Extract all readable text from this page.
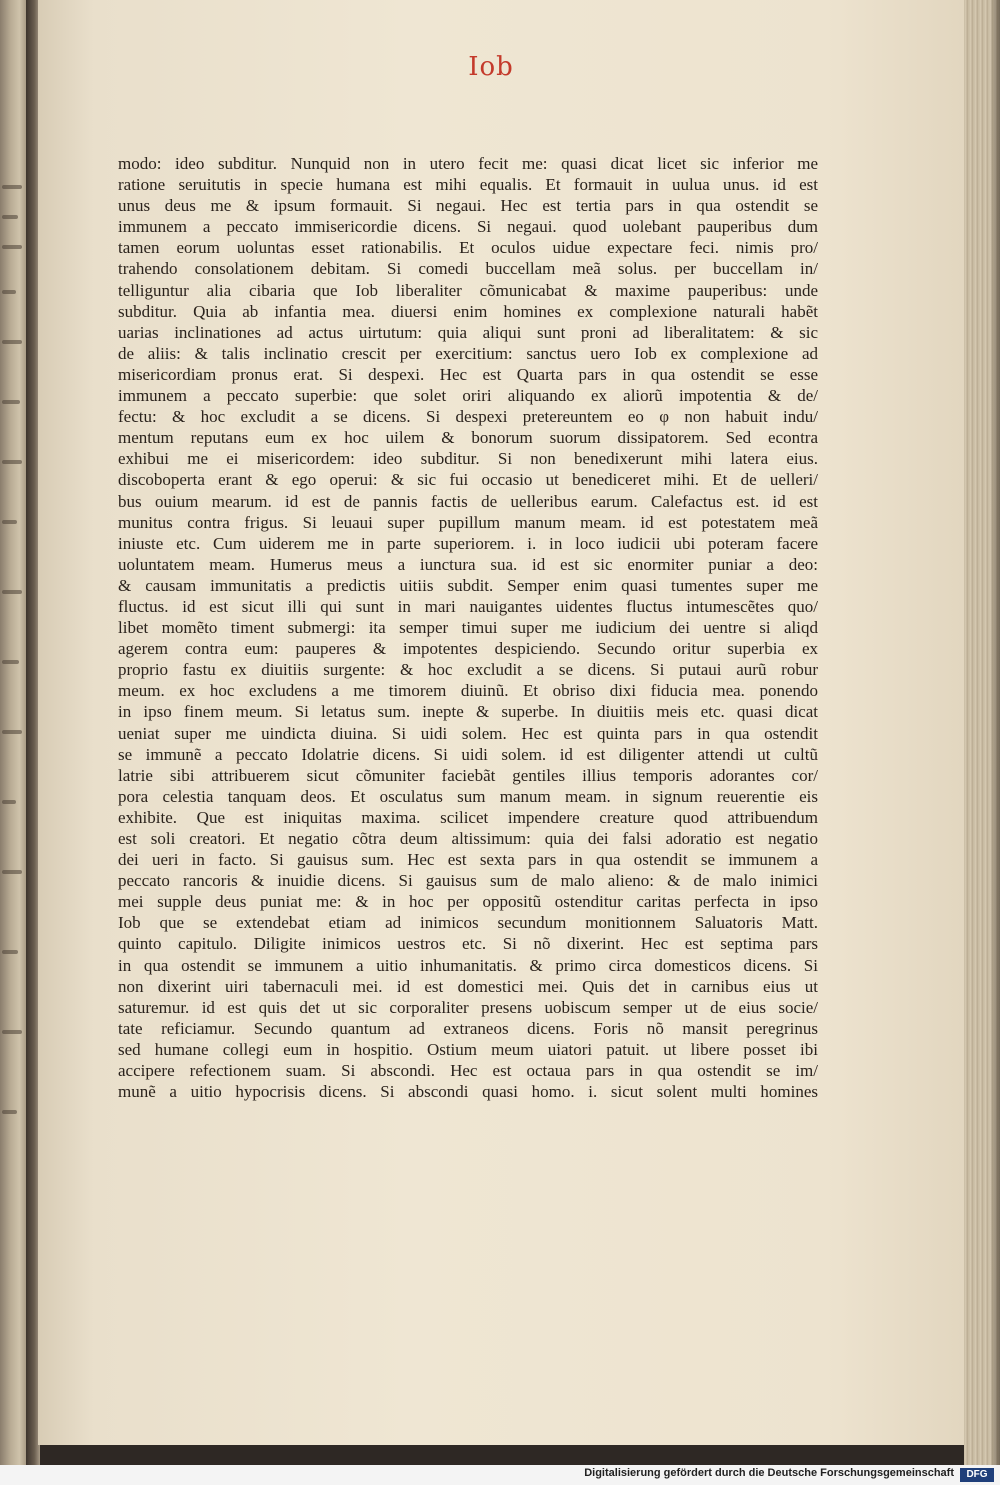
Iob
modo: ideo subditur. Nunquid non in utero fecit me: quasi dicat licet sic inferior me
ratione seruitutis in specie humana est mihi equalis. Et formauit in uulua unus. id est
unus deus me & ipsum formauit. Si negaui. Hec est tertia pars in qua ostendit se
immunem a peccato immisericordie dicens. Si negaui. quod uolebant pauperibus dum
tamen eorum uoluntas esset rationabilis. Et oculos uidue expectare feci. nimis pro/
trahendo consolationem debitam. Si comedi buccellam meã solus. per buccellam in/
telliguntur alia cibaria que Iob liberaliter cõmunicabat & maxime pauperibus: unde
subditur. Quia ab infantia mea. diuersi enim homines ex complexione naturali habẽt
uarias inclinationes ad actus uirtutum: quia aliqui sunt proni ad liberalitatem: & sic
de aliis: & talis inclinatio crescit per exercitium: sanctus uero Iob ex complexione ad
misericordiam pronus erat. Si despexi. Hec est Quarta pars in qua ostendit se esse
immunem a peccato superbie: que solet oriri aliquando ex aliorũ impotentia & de/
fectu: & hoc excludit a se dicens. Si despexi pretereuntem eo φ non habuit indu/
mentum reputans eum ex hoc uilem & bonorum suorum dissipatorem. Sed econtra
exhibui me ei misericordem: ideo subditur. Si non benedixerunt mihi latera eius.
discoboperta erant & ego operui: & sic fui occasio ut benediceret mihi. Et de uelleri/
bus ouium mearum. id est de pannis factis de uelleribus earum. Calefactus est. id est
munitus contra frigus. Si leuaui super pupillum manum meam. id est potestatem meã
iniuste etc. Cum uiderem me in parte superiorem. i. in loco iudicii ubi poteram facere
uoluntatem meam. Humerus meus a iunctura sua. id est sic enormiter puniar a deo:
& causam immunitatis a predictis uitiis subdit. Semper enim quasi tumentes super me
fluctus. id est sicut illi qui sunt in mari nauigantes uidentes fluctus intumescẽtes quo/
libet momẽto timent submergi: ita semper timui super me iudicium dei uentre si aliqd
agerem contra eum: pauperes & impotentes despiciendo. Secundo oritur superbia ex
proprio fastu ex diuitiis surgente: & hoc excludit a se dicens. Si putaui aurũ robur
meum. ex hoc excludens a me timorem diuinũ. Et obriso dixi fiducia mea. ponendo
in ipso finem meum. Si letatus sum. inepte & superbe. In diuitiis meis etc. quasi dicat
ueniat super me uindicta diuina. Si uidi solem. Hec est quinta pars in qua ostendit
se immunẽ a peccato Idolatrie dicens. Si uidi solem. id est diligenter attendi ut cultũ
latrie sibi attribuerem sicut cõmuniter faciebãt gentiles illius temporis adorantes cor/
pora celestia tanquam deos. Et osculatus sum manum meam. in signum reuerentie eis
exhibite. Que est iniquitas maxima. scilicet impendere creature quod attribuendum
est soli creatori. Et negatio cõtra deum altissimum: quia dei falsi adoratio est negatio
dei ueri in facto. Si gauisus sum. Hec est sexta pars in qua ostendit se immunem a
peccato rancoris & inuidie dicens. Si gauisus sum de malo alieno: & de malo inimici
mei supple deus puniat me: & in hoc per oppositũ ostenditur caritas perfecta in ipso
Iob que se extendebat etiam ad inimicos secundum monitionnem Saluatoris Matt.
quinto capitulo. Diligite inimicos uestros etc. Si nõ dixerint. Hec est septima pars
in qua ostendit se immunem a uitio inhumanitatis. & primo circa domesticos dicens. Si
non dixerint uiri tabernaculi mei. id est domestici mei. Quis det in carnibus eius ut
saturemur. id est quis det ut sic corporaliter presens uobiscum semper ut de eius socie/
tate reficiamur. Secundo quantum ad extraneos dicens. Foris nõ mansit peregrinus
sed humane collegi eum in hospitio. Ostium meum uiatori patuit. ut libere posset ibi
accipere refectionem suam. Si abscondi. Hec est octaua pars in qua ostendit se im/
munẽ a uitio hypocrisis dicens. Si abscondi quasi homo. i. sicut solent multi homines
Digitalisierung gefördert durch die Deutsche Forschungsgemeinschaft	DFG
